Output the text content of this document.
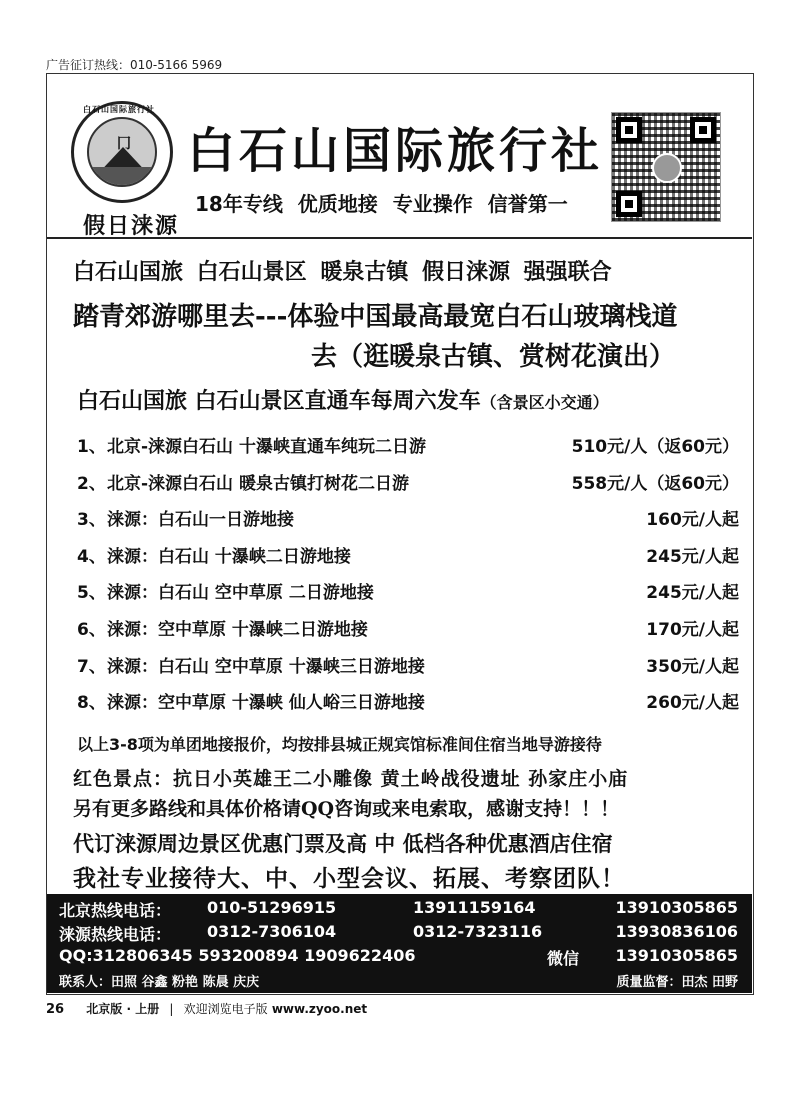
广告征订热线：010-5166 5969
冂
白石山国际旅行社
假日涞源
白石山国际旅行社
18年专线 优质地接 专业操作 信誉第一
白石山国旅 白石山景区 暖泉古镇 假日涞源 强强联合
踏青郊游哪里去---体验中国最高最宽白石山玻璃栈道
去（逛暖泉古镇、赏树花演出）
白石山国旅 白石山景区直通车每周六发车（含景区小交通）
1、 北京-涞源白石山 十瀑峡直通车纯玩二日游	510元/人（返60元）
2、 北京-涞源白石山 暖泉古镇打树花二日游	558元/人（返60元）
3、 涞源：白石山一日游地接	160元/人起
4、 涞源：白石山 十瀑峡二日游地接	245元/人起
5、 涞源：白石山 空中草原 二日游地接	245元/人起
6、 涞源：空中草原 十瀑峡二日游地接	170元/人起
7、 涞源：白石山 空中草原 十瀑峡三日游地接	350元/人起
8、 涞源：空中草原 十瀑峡 仙人峪三日游地接	260元/人起
以上3-8项为单团地接报价，均按排县城正规宾馆标准间住宿当地导游接待
红色景点：抗日小英雄王二小雕像 黄土岭战役遗址 孙家庄小庙
另有更多路线和具体价格请QQ咨询或来电索取，感谢支持！！！
代订涞源周边景区优惠门票及高 中 低档各种优惠酒店住宿
我社专业接待大、中、小型会议、拓展、考察团队！
北京热线电话： 010-51296915	13911159164	13910305865
涞源热线电话： 0312-7306104	0312-7323116	13930836106
QQ:312806345 593200894 1909622406	微信 13910305865
联系人：田照 谷鑫 粉艳 陈晨 庆庆	质量监督：田杰 田野
26 北京版 · 上册 | 欢迎浏览电子版 www.zyoo.net
